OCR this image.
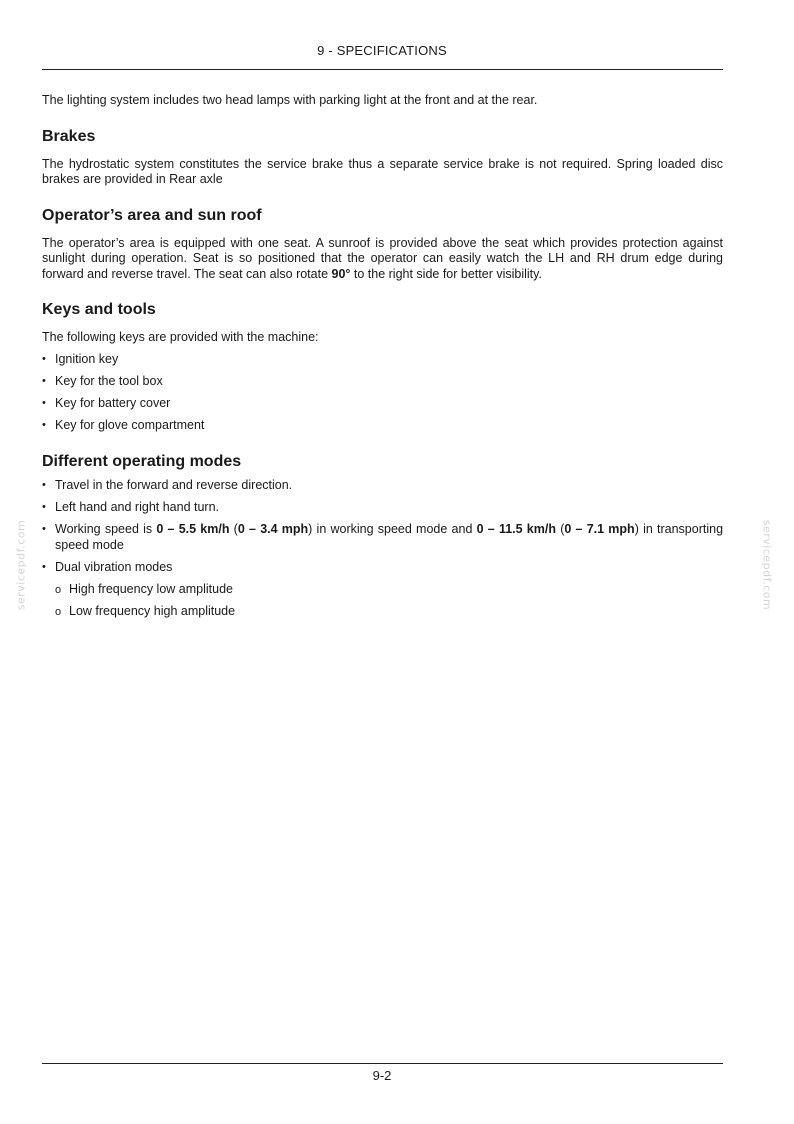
9 - SPECIFICATIONS

The lighting system includes two head lamps with parking light at the front and at the rear.

Brakes

The hydrostatic system constitutes the service brake thus a separate service brake is not required. Spring loaded disc brakes are provided in Rear axle

Operator’s area and sun roof

The operator’s area is equipped with one seat. A sunroof is provided above the seat which provides protection against sunlight during operation. Seat is so positioned that the operator can easily watch the LH and RH drum edge during forward and reverse travel. The seat can also rotate 90° to the right side for better visibility.

Keys and tools

The following keys are provided with the machine:

• Ignition key
• Key for the tool box
• Key for battery cover
• Key for glove compartment
Different operating modes
• Travel in the forward and reverse direction.
• Left hand and right hand turn.
• Working speed is 0 – 5.5 km/h (0 – 3.4 mph) in working speed mode and 0 – 11.5 km/h (0 – 7.1 mph) in transporting speed mode
• Dual vibration modes
o High frequency low amplitude
o Low frequency high amplitude
servicepdf.com	servicepdf.com
9-2
